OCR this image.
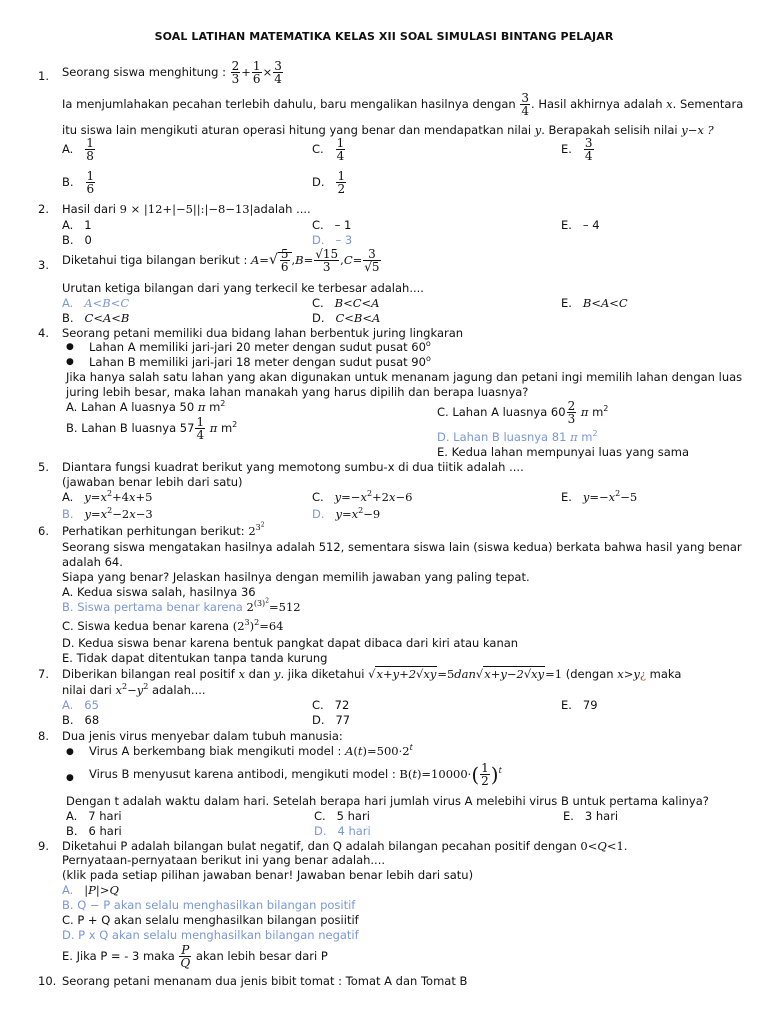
SOAL LATIHAN MATEMATIKA KELAS XII SOAL SIMULASI BINTANG PELAJAR
1. Seorang siswa menghitung : $\frac{2}{3} + \frac{1}{6} \times \frac{3}{4}$
Ia menjumlahakan pecahan terlebih dahulu, baru mengalikan hasilnya dengan $\frac{3}{4}$ . Hasil akhirnya adalah x. Sementara
itu siswa lain mengikuti aturan operasi hitung yang benar dan mendapatkan nilai y. Berapakah selisih nilai y−x ?
A. $\frac{1}{8}$
B. $\frac{1}{6}$
C. $\frac{1}{4}$
D. $\frac{1}{2}$
E. $\frac{3}{4}$
2. Hasil dari 9 × |12+|−5||:|−8−13|adalah ....
A. 1
B. 0
C. – 1
D. – 3
E. – 4
3. Diketahui tiga bilangan berikut : $A=√ \frac{5}{6} ,B= \frac{√15}{3} ,C= \frac{3}{√5}$
Urutan ketiga bilangan dari yang terkecil ke terbesar adalah....
A. A<B<C
B. C<A<B
C. B<C<A
D. C<B<A
E. B<A<C
4. Seorang petani memiliki dua bidang lahan berbentuk juring lingkaran
● Lahan A memiliki jari-jari 20 meter dengan sudut pusat 60$^o$
● Lahan B memiliki jari-jari 18 meter dengan sudut pusat 90$^o$
Jika hanya salah satu lahan yang akan digunakan untuk menanam jagung dan petani ingi memilih lahan dengan luas
juring lebih besar, maka lahan manakah yang harus dipilih dan berapa luasnya?
A. Lahan A luasnya 50 π $m^2$
B. Lahan B luasnya $57 \frac{1}{4}$ π $m^2$
C. Lahan A luasnya $60 \frac{2}{3}$ π $m^2$
D. Lahan B luasnya 81 π $m^2$
E. Kedua lahan mempunyai luas yang sama
5. Diantara fungsi kuadrat berikut yang memotong sumbu-x di dua tiitik adalah ....
(jawaban benar lebih dari satu)
A. $y=x^2+4x+5$
B. $y=x^2-2x-3$
C. $y=-x^2+2x-6$
D. $y=x^2-9$
E. $y=-x^2-5$
6. Perhatikan perhitungan berikut: $2^{3^2}$
Seorang siswa mengatakan hasilnya adalah 512, sementara siswa lain (siswa kedua) berkata bahwa hasil yang benar
adalah 64.
Siapa yang benar? Jelaskan hasilnya dengan memilih jawaban yang paling tepat.
A. Kedua siswa salah, hasilnya 36
B. Siswa pertama benar karena $2^{(3)^2}=512$
C. Siswa kedua benar karena $(2^3)^2=64$
D. Kedua siswa benar karena bentuk pangkat dapat dibaca dari kiri atau kanan
E. Tidak dapat ditentukan tanpa tanda kurung
7. Diberikan bilangan real positif x dan y. jika diketahui √x+y+2√xy=5dan√x+y−2√xy=1 (dengan x>y¿ maka
nilai dari $x^2-y^2$ adalah....
A. 65
B. 68
C. 72
D. 77
E. 79
8. Dua jenis virus menyebar dalam tubuh manusia:
● Virus A berkembang biak mengikuti model : $A(t)=500\cdot 2^t$
● Virus B menyusut karena antibodi, mengikuti model : $B(t)=10000\cdot( \frac{1}{2} )^t$
Dengan t adalah waktu dalam hari. Setelah berapa hari jumlah virus A melebihi virus B untuk pertama kalinya?
A. 7 hari
B. 6 hari
C. 5 hari
D. 4 hari
E. 3 hari
9. Diketahui P adalah bilangan bulat negatif, dan Q adalah bilangan pecahan positif dengan 0<Q<1.
Pernyataan-pernyataan berikut ini yang benar adalah....
(klik pada setiap pilihan jawaban benar! Jawaban benar lebih dari satu)
A. |P|>Q
B. Q − P akan selalu menghasilkan bilangan positif
C. P + Q akan selalu menghasilkan bilangan posiitif
D. P x Q akan selalu menghasilkan bilangan negatif
E. Jika P = - 3 maka $\frac{P}{Q}$ akan lebih besar dari P
10. Seorang petani menanam dua jenis bibit tomat : Tomat A dan Tomat B
